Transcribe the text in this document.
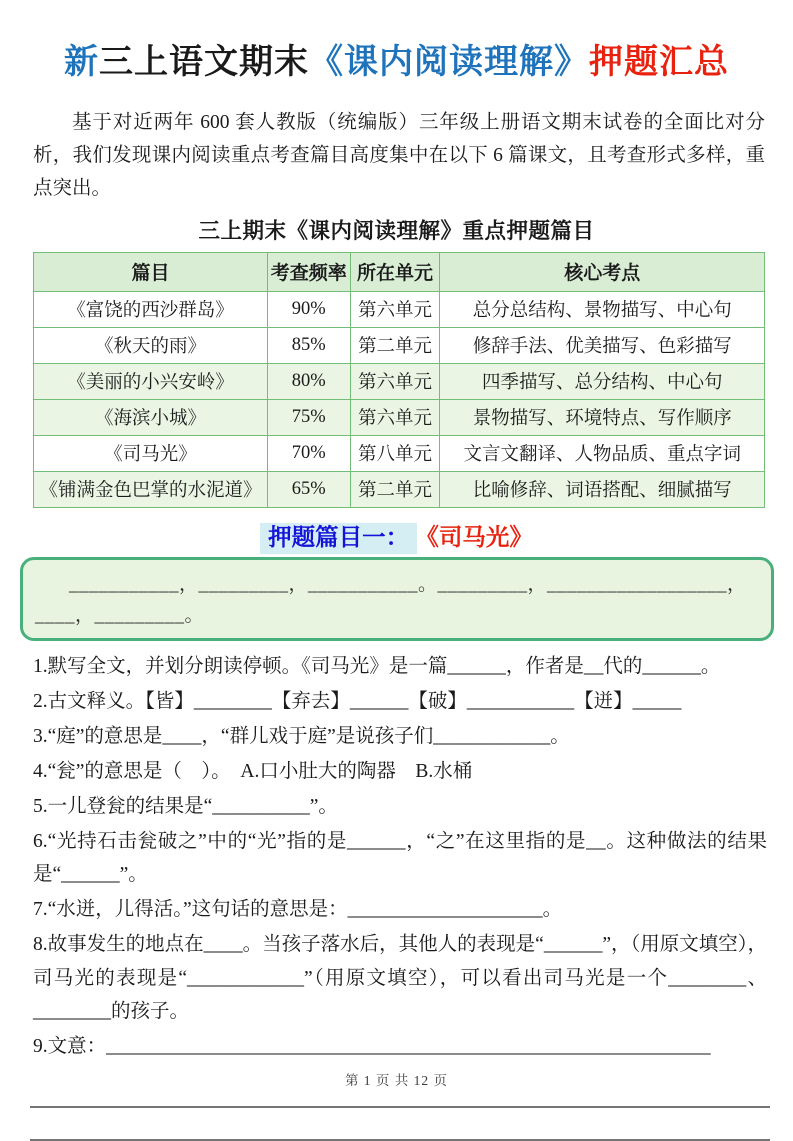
新三上语文期末《课内阅读理解》押题汇总

基于对近两年 600 套人教版（统编版）三年级上册语文期末试卷的全面比对分析，我们发现课内阅读重点考查篇目高度集中在以下 6 篇课文，且考查形式多样，重点突出。

三上期末《课内阅读理解》重点押题篇目
篇目	考查频率	所在单元	核心考点
《富饶的西沙群岛》	90%	第六单元	总分总结构、景物描写、中心句
《秋天的雨》	85%	第二单元	修辞手法、优美描写、色彩描写
《美丽的小兴安岭》	80%	第六单元	四季描写、总分结构、中心句
《海滨小城》	75%	第六单元	景物描写、环境特点、写作顺序
《司马光》	70%	第八单元	文言文翻译、人物品质、重点字词
《铺满金色巴掌的水泥道》	65%	第二单元	比喻修辞、词语搭配、细腻描写
押题篇目一： 《司马光》
___________，_________，___________。_________，__________________，
____，_________。

1.默写全文，并划分朗读停顿。《司马光》是一篇______，作者是__代的______。

2.古文释义。【皆】________【弃去】______【破】___________【迸】_____

3.“庭”的意思是____，“群儿戏于庭”是说孩子们____________。

4.“瓮”的意思是（　）。　A.口小肚大的陶器　B.水桶

5.一儿登瓮的结果是“__________”。

6.“光持石击瓮破之”中的“光”指的是______，“之”在这里指的是__。这种做法的结果是“______”。

7.“水迸，儿得活。”这句话的意思是：____________________。

8.故事发生的地点在____。当孩子落水后，其他人的表现是“______”，（用原文填空），司马光的表现是“____________”（用原文填空），可以看出司马光是一个________、________的孩子。

9.文意：______________________________________________________________

第 1 页 共 12 页
